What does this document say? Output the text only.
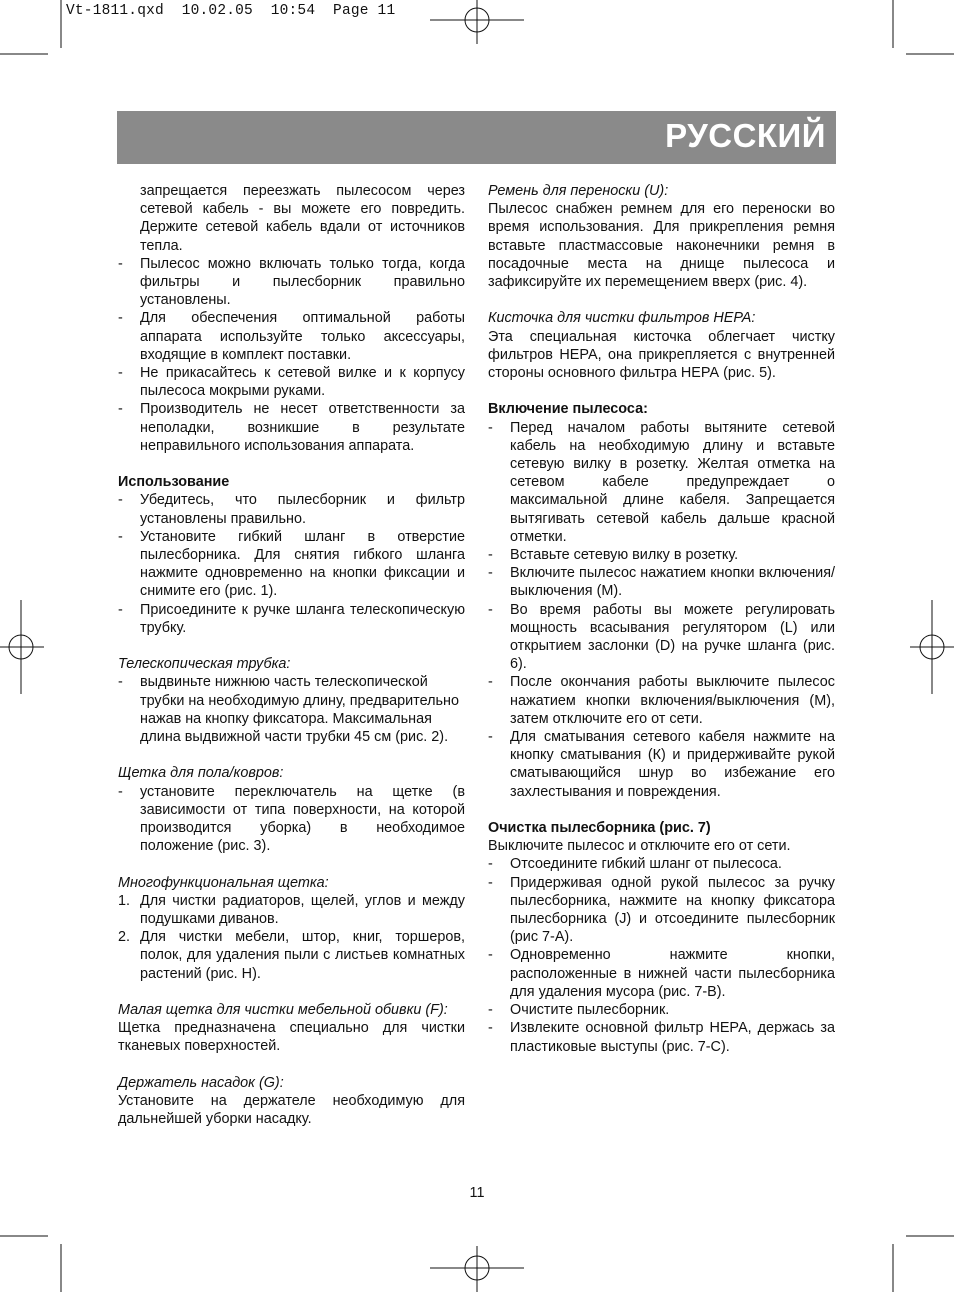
Vt-1811.qxd  10.02.05  10:54  Page 11
РУССКИЙ

запрещается переезжать пылесосом через сетевой кабель - вы можете его повредить. Держите сетевой кабель вдали от источников тепла.

- Пылесос можно включать только тогда, когда фильтры и пылесборник правильно установлены.

- Для обеспечения оптимальной работы аппарата используйте только аксессуары, входящие в комплект поставки.

- Не прикасайтесь к сетевой вилке и к корпусу пылесоса мокрыми руками.

- Производитель не несет ответственности за неполадки, возникшие в результате неправильного использования аппарата.

Использование

- Убедитесь, что пылесборник и фильтр установлены правильно.

- Установите гибкий шланг в отверстие пылесборника. Для снятия гибкого шланга нажмите одновременно на кнопки фиксации и снимите его (рис. 1).

- Присоедините к ручке шланга телескопическую трубку.

Телескопическая трубка:

- выдвиньте нижнюю часть телескопической трубки на необходимую длину, предварительно нажав на кнопку фиксатора. Максимальная длина выдвижной части трубки 45 см (рис. 2).

Щетка для пола/ковров:

- установите переключатель на щетке (в зависимости от типа поверхности, на которой производится уборка) в необходимое положение (рис. 3).

Многофункциональная щетка:

1. Для чистки радиаторов, щелей, углов и между подушками диванов.

2. Для чистки мебели, штор, книг, торшеров, полок, для удаления пыли с листьев комнатных растений (рис. Н).

Малая щетка для чистки мебельной обивки (F):

Щетка предназначена специально для чистки тканевых поверхностей.

Держатель насадок (G):

Установите на держателе необходимую для дальнейшей уборки насадку.

Ремень для переноски (U):

Пылесос снабжен ремнем для его переноски во время использования. Для прикрепления ремня вставьте пластмассовые наконечники ремня в посадочные места на днище пылесоса и зафиксируйте их перемещением вверх (рис. 4).

Кисточка для чистки фильтров НЕРА:

Эта специальная кисточка облегчает чистку фильтров НЕРА, она прикрепляется с внутренней стороны основного фильтра НЕРА (рис. 5).

Включение пылесоса:

- Перед началом работы вытяните сетевой кабель на необходимую длину и вставьте сетевую вилку в розетку. Желтая отметка на сетевом кабеле предупреждает о максимальной длине кабеля. Запрещается вытягивать сетевой кабель дальше красной отметки.

- Вставьте сетевую вилку в розетку.

- Включите пылесос нажатием кнопки включения/выключения (М).

- Во время работы вы можете регулировать мощность всасывания регулятором (L) или открытием заслонки (D) на ручке шланга (рис. 6).

- После окончания работы выключите пылесос нажатием кнопки включения/выключения (М), затем отключите его от сети.

- Для сматывания сетевого кабеля нажмите на кнопку сматывания (К) и придерживайте рукой сматывающийся шнур во избежание его захлестывания и повреждения.

Очистка пылесборника (рис. 7)

Выключите пылесос и отключите его от сети.

- Отсоедините гибкий шланг от пылесоса.

- Придерживая одной рукой пылесос за ручку пылесборника, нажмите на кнопку фиксатора пылесборника (J) и отсоедините пылесборник (рис 7-А).

- Одновременно нажмите кнопки, расположенные в нижней части пылесборника для удаления мусора (рис. 7-В).

- Очистите пылесборник.

- Извлеките основной фильтр НЕРА, держась за пластиковые выступы (рис. 7-С).

11
